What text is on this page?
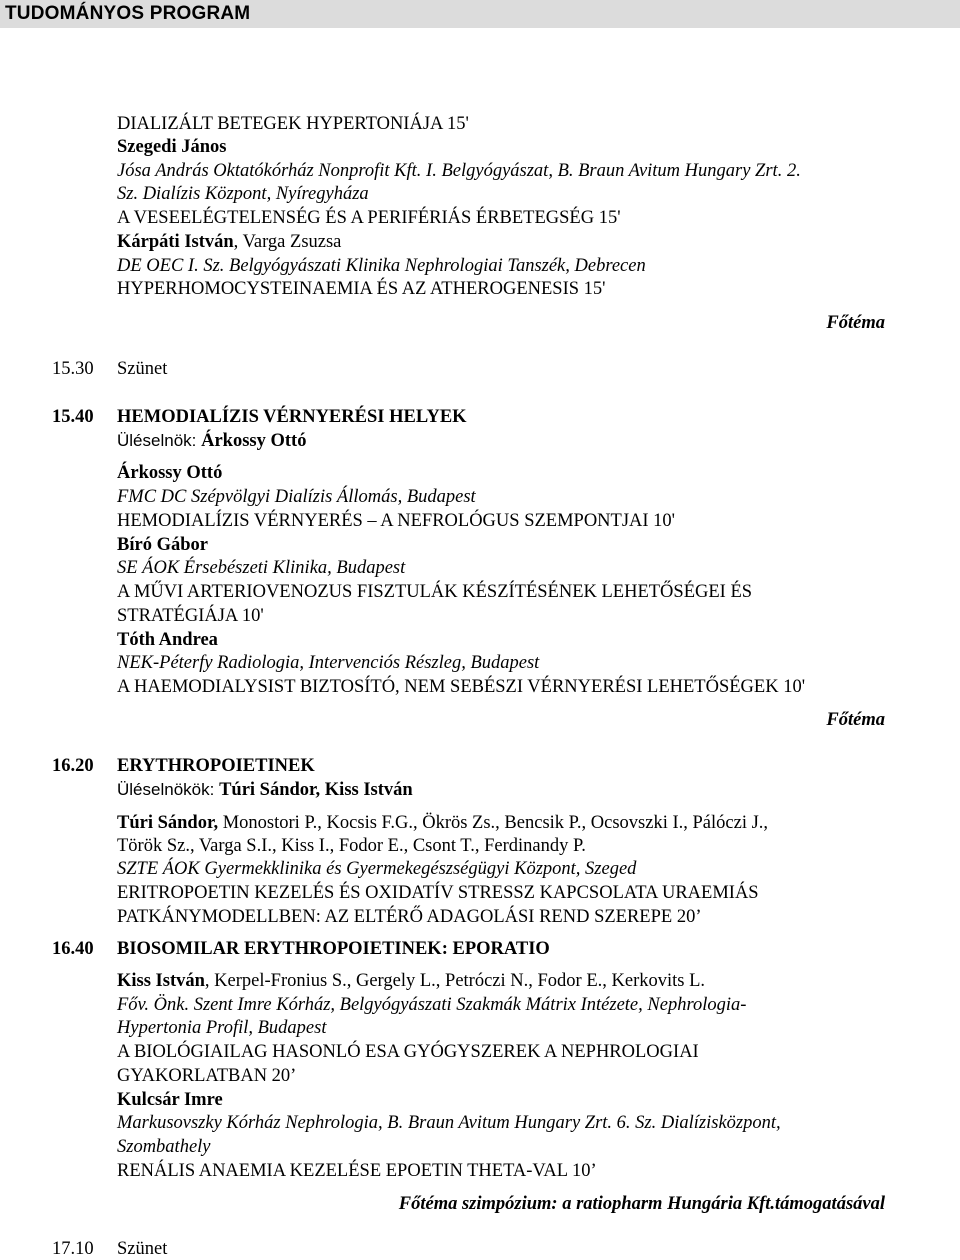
TUDOMÁNYOS PROGRAM
DIALIZÁLT BETEGEK HYPERTONIÁJA 15'
Szegedi János
Jósa András Oktatókórház Nonprofit Kft. I. Belgyógyászat, B. Braun Avitum Hungary Zrt. 2.
Sz. Dialízis Központ, Nyíregyháza
A VESEELÉGTELENSÉG ÉS A PERIFÉRIÁS ÉRBETEGSÉG 15'
Kárpáti István, Varga Zsuzsa
DE OEC I. Sz. Belgyógyászati Klinika Nephrologiai Tanszék, Debrecen
HYPERHOMOCYSTEINAEMIA ÉS AZ ATHEROGENESIS 15'
Főtéma
15.30 Szünet
15.40 HEMODIALÍZIS VÉRNYERÉSI HELYEK
Üléselnök: Árkossy Ottó
Árkossy Ottó
FMC DC Szépvölgyi Dialízis Állomás, Budapest
HEMODIALÍZIS VÉRNYERÉS – A NEFROLÓGUS SZEMPONTJAI 10'
Bíró Gábor
SE ÁOK Érsebészeti Klinika, Budapest
A MŰVI ARTERIOVENOZUS FISZTULÁK KÉSZÍTÉSÉNEK LEHETŐSÉGEI ÉS
STRATÉGIÁJA 10'
Tóth Andrea
NEK-Péterfy Radiologia, Intervenciós Részleg, Budapest
A HAEMODIALYSIST BIZTOSÍTÓ, NEM SEBÉSZI VÉRNYERÉSI LEHETŐSÉGEK 10'
Főtéma
16.20 ERYTHROPOIETINEK
Üléselnökök: Túri Sándor, Kiss István
Túri Sándor, Monostori P., Kocsis F.G., Ökrös Zs., Bencsik P., Ocsovszki I., Pálóczi J.,
Török Sz., Varga S.I., Kiss I., Fodor E., Csont T., Ferdinandy P.
SZTE ÁOK Gyermekklinika és Gyermekegészségügyi Központ, Szeged
ERITROPOETIN KEZELÉS ÉS OXIDATÍV STRESSZ KAPCSOLATA URAEMIÁS
PATKÁNYMODELLBEN: AZ ELTÉRŐ ADAGOLÁSI REND SZEREPE 20’
16.40 BIOSOMILAR ERYTHROPOIETINEK: EPORATIO
Kiss István, Kerpel-Fronius S., Gergely L., Petróczi N., Fodor E., Kerkovits L.
Főv. Önk. Szent Imre Kórház, Belgyógyászati Szakmák Mátrix Intézete, Nephrologia-
Hypertonia Profil, Budapest
A BIOLÓGIAILAG HASONLÓ ESA GYÓGYSZEREK A NEPHROLOGIAI
GYAKORLATBAN 20’
Kulcsár Imre
Markusovszky Kórház Nephrologia, B. Braun Avitum Hungary Zrt. 6. Sz. Dialízisközpont,
Szombathely
RENÁLIS ANAEMIA KEZELÉSE EPOETIN THETA-VAL 10’
Főtéma szimpózium: a ratiopharm Hungária Kft.támogatásával
17.10 Szünet
